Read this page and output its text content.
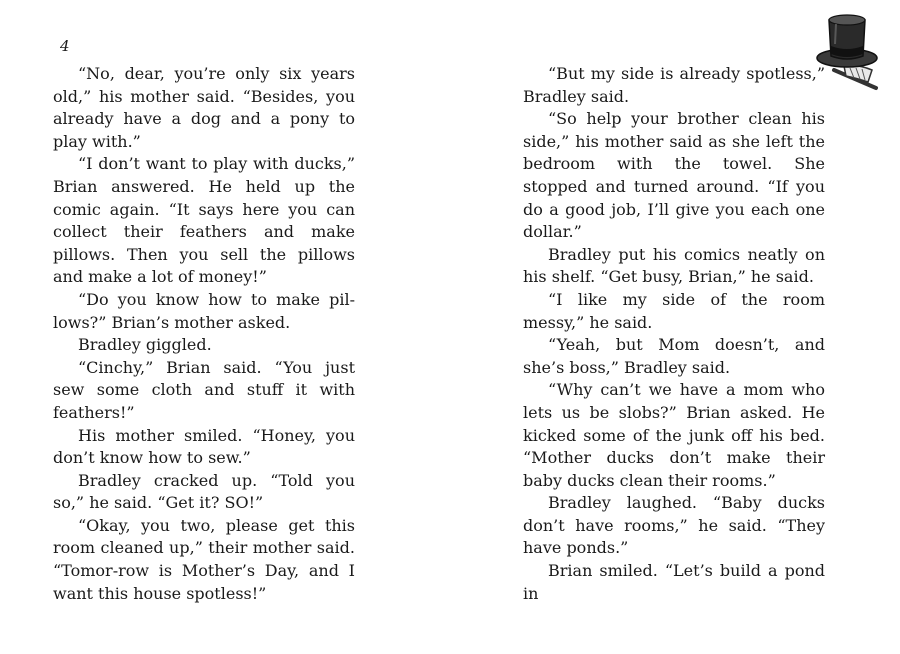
4

“No, dear, you’re only six years old,” his mother said. “Besides, you already have a dog and a pony to play with.”

“I don’t want to play with ducks,” Brian answered. He held up the comic again. “It says here you can collect their feathers and make pillows. Then you sell the pillows and make a lot of money!”

“Do you know how to make pil-lows?” Brian’s mother asked.

Bradley giggled.

“Cinchy,” Brian said. “You just sew some cloth and stuff it with feathers!”

His mother smiled. “Honey, you don’t know how to sew.”

Bradley cracked up. “Told you so,” he said. “Get it? SO!”

“Okay, you two, please get this room cleaned up,” their mother said. “Tomor-row is Mother’s Day, and I want this house spotless!”

“But my side is already spotless,” Bradley said.

“So help your brother clean his side,” his mother said as she left the bedroom with the towel. She stopped and turned around. “If you do a good job, I’ll give you each one dollar.”

Bradley put his comics neatly on his shelf. “Get busy, Brian,” he said.

“I like my side of the room messy,” he said.

“Yeah, but Mom doesn’t, and she’s boss,” Bradley said.

“Why can’t we have a mom who lets us be slobs?” Brian asked. He kicked some of the junk off his bed. “Mother ducks don’t make their baby ducks clean their rooms.”

Bradley laughed. “Baby ducks don’t have rooms,” he said. “They have ponds.”

Brian smiled. “Let’s build a pond in
